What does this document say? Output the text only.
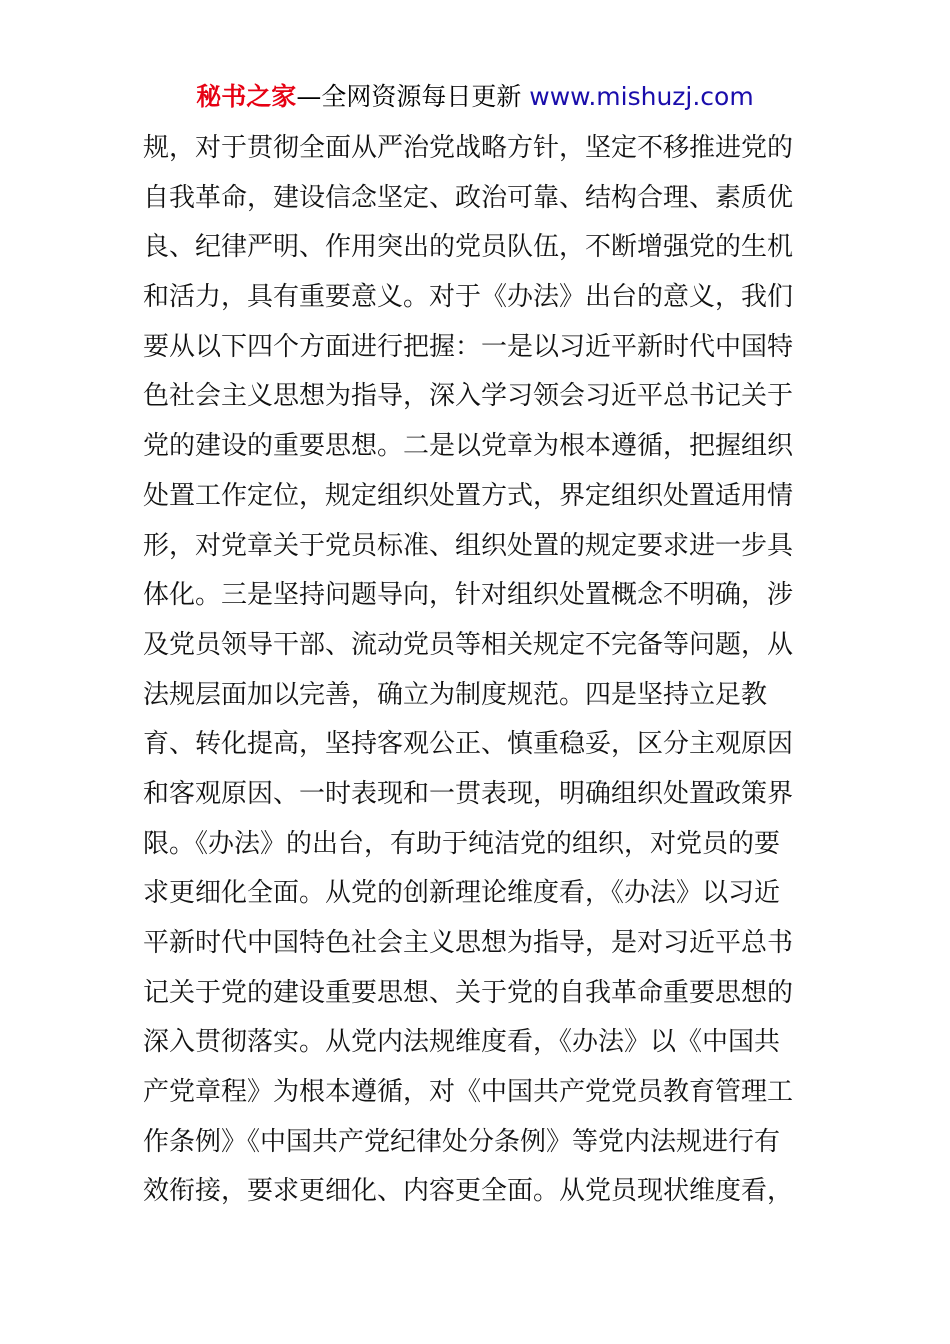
秘书之家—全网资源每日更新 www.mishuzj.com
规，对于贯彻全面从严治党战略方针，坚定不移推进党的
自我革命，建设信念坚定、政治可靠、结构合理、素质优
良、纪律严明、作用突出的党员队伍，不断增强党的生机
和活力，具有重要意义。对于《办法》出台的意义，我们
要从以下四个方面进行把握：一是以习近平新时代中国特
色社会主义思想为指导，深入学习领会习近平总书记关于
党的建设的重要思想。二是以党章为根本遵循，把握组织
处置工作定位，规定组织处置方式，界定组织处置适用情
形，对党章关于党员标准、组织处置的规定要求进一步具
体化。三是坚持问题导向，针对组织处置概念不明确，涉
及党员领导干部、流动党员等相关规定不完备等问题，从
法规层面加以完善，确立为制度规范。四是坚持立足教
育、转化提高，坚持客观公正、慎重稳妥，区分主观原因
和客观原因、一时表现和一贯表现，明确组织处置政策界
限。《办法》的出台，有助于纯洁党的组织，对党员的要
求更细化全面。从党的创新理论维度看，《办法》以习近
平新时代中国特色社会主义思想为指导，是对习近平总书
记关于党的建设重要思想、关于党的自我革命重要思想的
深入贯彻落实。从党内法规维度看，《办法》以《中国共
产党章程》为根本遵循，对《中国共产党党员教育管理工
作条例》《中国共产党纪律处分条例》等党内法规进行有
效衔接，要求更细化、内容更全面。从党员现状维度看，
